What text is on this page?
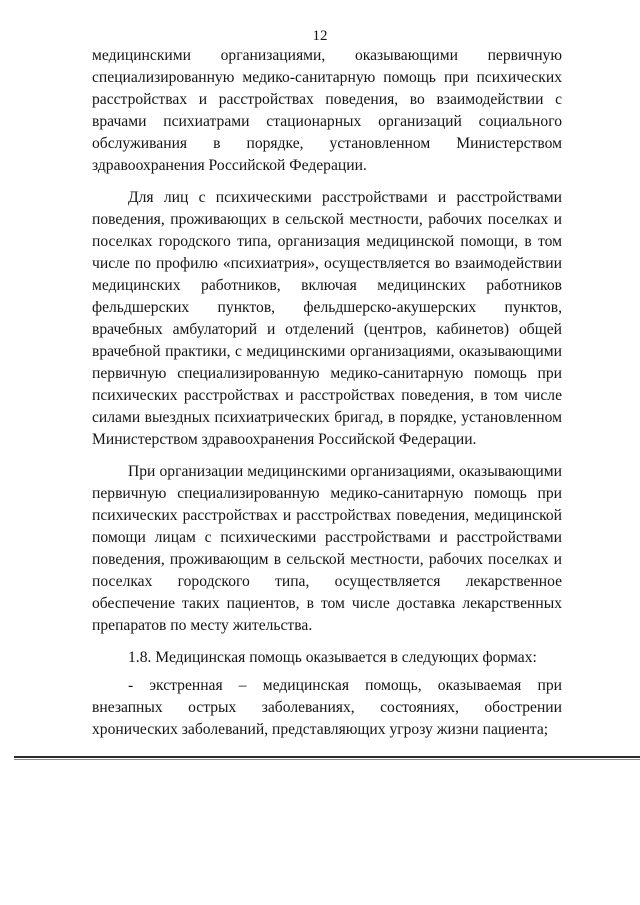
12

медицинскими организациями, оказывающими первичную специализированную медико-санитарную помощь при психических расстройствах и расстройствах поведения, во взаимодействии с врачами психиатрами стационарных организаций социального обслуживания в порядке, установленном Министерством здравоохранения Российской Федерации.

Для лиц с психическими расстройствами и расстройствами поведения, проживающих в сельской местности, рабочих поселках и поселках городского типа, организация медицинской помощи, в том числе по профилю «психиатрия», осуществляется во взаимодействии медицинских работников, включая медицинских работников фельдшерских пунктов, фельдшерско-акушерских пунктов, врачебных амбулаторий и отделений (центров, кабинетов) общей врачебной практики, с медицинскими организациями, оказывающими первичную специализированную медико-санитарную помощь при психических расстройствах и расстройствах поведения, в том числе силами выездных психиатрических бригад, в порядке, установленном Министерством здравоохранения Российской Федерации.

При организации медицинскими организациями, оказывающими первичную специализированную медико-санитарную помощь при психических расстройствах и расстройствах поведения, медицинской помощи лицам с психическими расстройствами и расстройствами поведения, проживающим в сельской местности, рабочих поселках и поселках городского типа, осуществляется лекарственное обеспечение таких пациентов, в том числе доставка лекарственных препаратов по месту жительства.

1.8. Медицинская помощь оказывается в следующих формах:

- экстренная – медицинская помощь, оказываемая при внезапных острых заболеваниях, состояниях, обострении хронических заболеваний, представляющих угрозу жизни пациента;
